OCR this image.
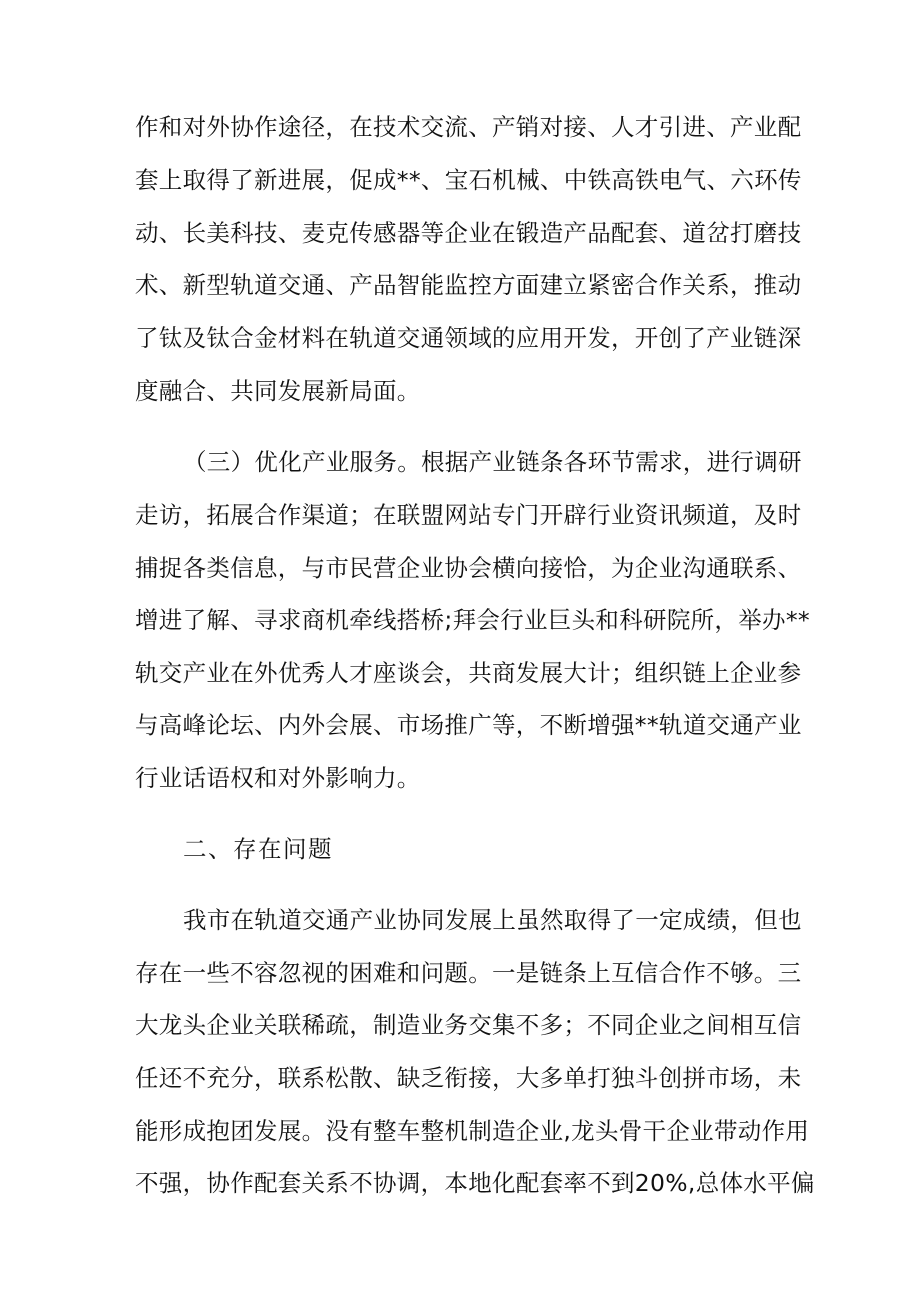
作和对外协作途径，在技术交流、产销对接、人才引进、产业配
套上取得了新进展，促成**、宝石机械、中铁高铁电气、六环传
动、长美科技、麦克传感器等企业在锻造产品配套、道岔打磨技
术、新型轨道交通、产品智能监控方面建立紧密合作关系，推动
了钛及钛合金材料在轨道交通领域的应用开发，开创了产业链深
度融合、共同发展新局面。
（三）优化产业服务。根据产业链条各环节需求，进行调研
走访，拓展合作渠道；在联盟网站专门开辟行业资讯频道，及时
捕捉各类信息，与市民营企业协会横向接恰，为企业沟通联系、
增进了解、寻求商机牵线搭桥;拜会行业巨头和科研院所，举办**
轨交产业在外优秀人才座谈会，共商发展大计；组织链上企业参
与高峰论坛、内外会展、市场推广等，不断增强**轨道交通产业
行业话语权和对外影响力。
二、存在问题
我市在轨道交通产业协同发展上虽然取得了一定成绩，但也
存在一些不容忽视的困难和问题。一是链条上互信合作不够。三
大龙头企业关联稀疏，制造业务交集不多；不同企业之间相互信
任还不充分，联系松散、缺乏衔接，大多单打独斗创拼市场，未
能形成抱团发展。没有整车整机制造企业,龙头骨干企业带动作用
不强，协作配套关系不协调，本地化配套率不到20%,总体水平偏
